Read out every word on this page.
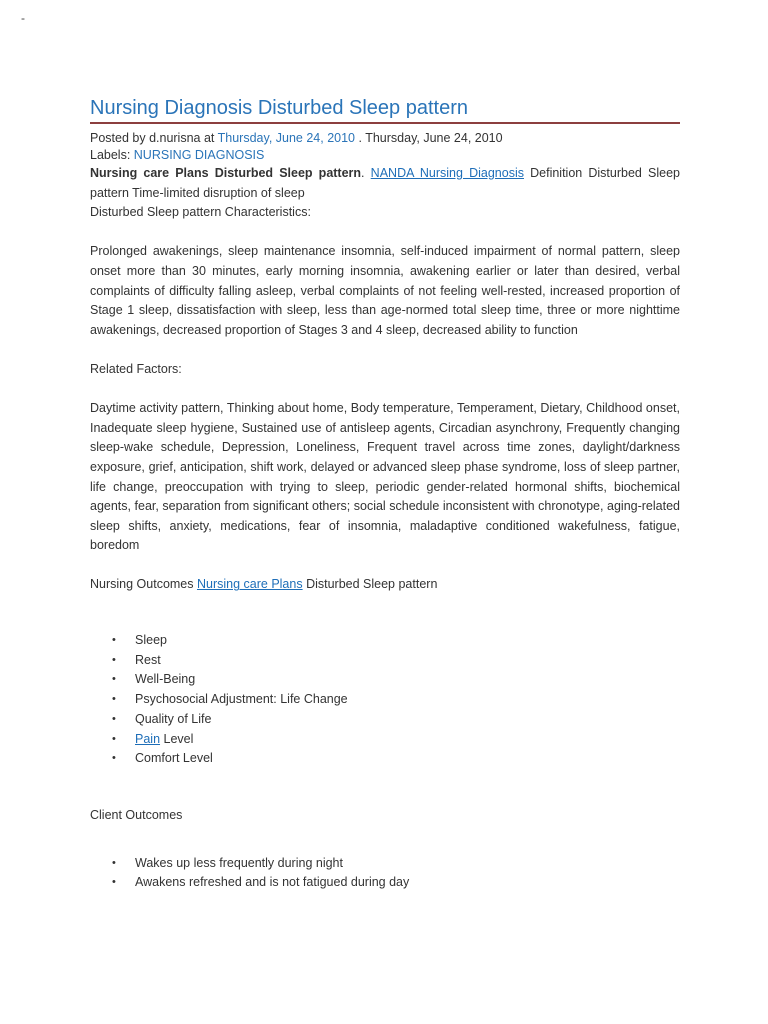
-
Nursing Diagnosis Disturbed Sleep pattern
Posted by d.nurisna at Thursday, June 24, 2010 . Thursday, June 24, 2010
Labels: NURSING DIAGNOSIS

Nursing care Plans Disturbed Sleep pattern. NANDA Nursing Diagnosis Definition Disturbed Sleep pattern Time-limited disruption of sleep

Disturbed Sleep pattern Characteristics:

Prolonged awakenings, sleep maintenance insomnia, self-induced impairment of normal pattern, sleep onset more than 30 minutes, early morning insomnia, awakening earlier or later than desired, verbal complaints of difficulty falling asleep, verbal complaints of not feeling well-rested, increased proportion of Stage 1 sleep, dissatisfaction with sleep, less than age-normed total sleep time, three or more nighttime awakenings, decreased proportion of Stages 3 and 4 sleep, decreased ability to function

Related Factors:

Daytime activity pattern, Thinking about home, Body temperature, Temperament, Dietary, Childhood onset, Inadequate sleep hygiene, Sustained use of antisleep agents, Circadian asynchrony, Frequently changing sleep-wake schedule, Depression, Loneliness, Frequent travel across time zones, daylight/darkness exposure, grief, anticipation, shift work, delayed or advanced sleep phase syndrome, loss of sleep partner, life change, preoccupation with trying to sleep, periodic gender-related hormonal shifts, biochemical agents, fear, separation from significant others; social schedule inconsistent with chronotype, aging-related sleep shifts, anxiety, medications, fear of insomnia, maladaptive conditioned wakefulness, fatigue, boredom

Nursing Outcomes Nursing care Plans Disturbed Sleep pattern

• Sleep
• Rest
• Well-Being
• Psychosocial Adjustment: Life Change
• Quality of Life
• Pain Level
• Comfort Level

Client Outcomes

• Wakes up less frequently during night
• Awakens refreshed and is not fatigued during day
